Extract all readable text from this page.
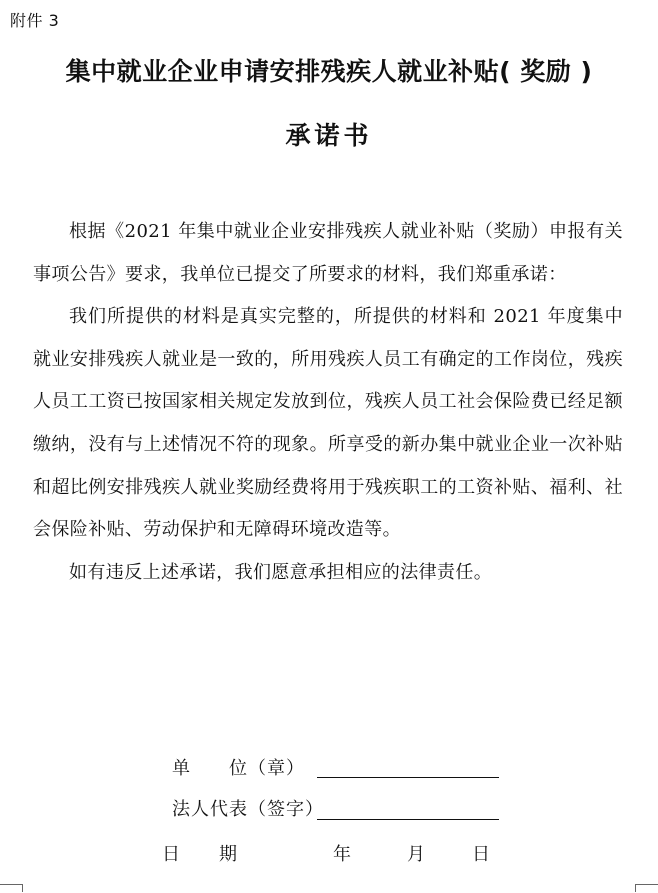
附件 3
集中就业企业申请安排残疾人就业补贴( 奖励 )
承诺书

根据《2021 年集中就业企业安排残疾人就业补贴（奖励）申报有关事项公告》要求，我单位已提交了所要求的材料，我们郑重承诺：

我们所提供的材料是真实完整的，所提供的材料和 2021 年度集中就业安排残疾人就业是一致的，所用残疾人员工有确定的工作岗位，残疾人员工工资已按国家相关规定发放到位，残疾人员工社会保险费已经足额缴纳，没有与上述情况不符的现象。所享受的新办集中就业企业一次补贴和超比例安排残疾人就业奖励经费将用于残疾职工的工资补贴、福利、社会保险补贴、劳动保护和无障碍环境改造等。

如有违反上述承诺，我们愿意承担相应的法律责任。

单　　位（章）
法人代表（签字）
日　　期	年	月	日
